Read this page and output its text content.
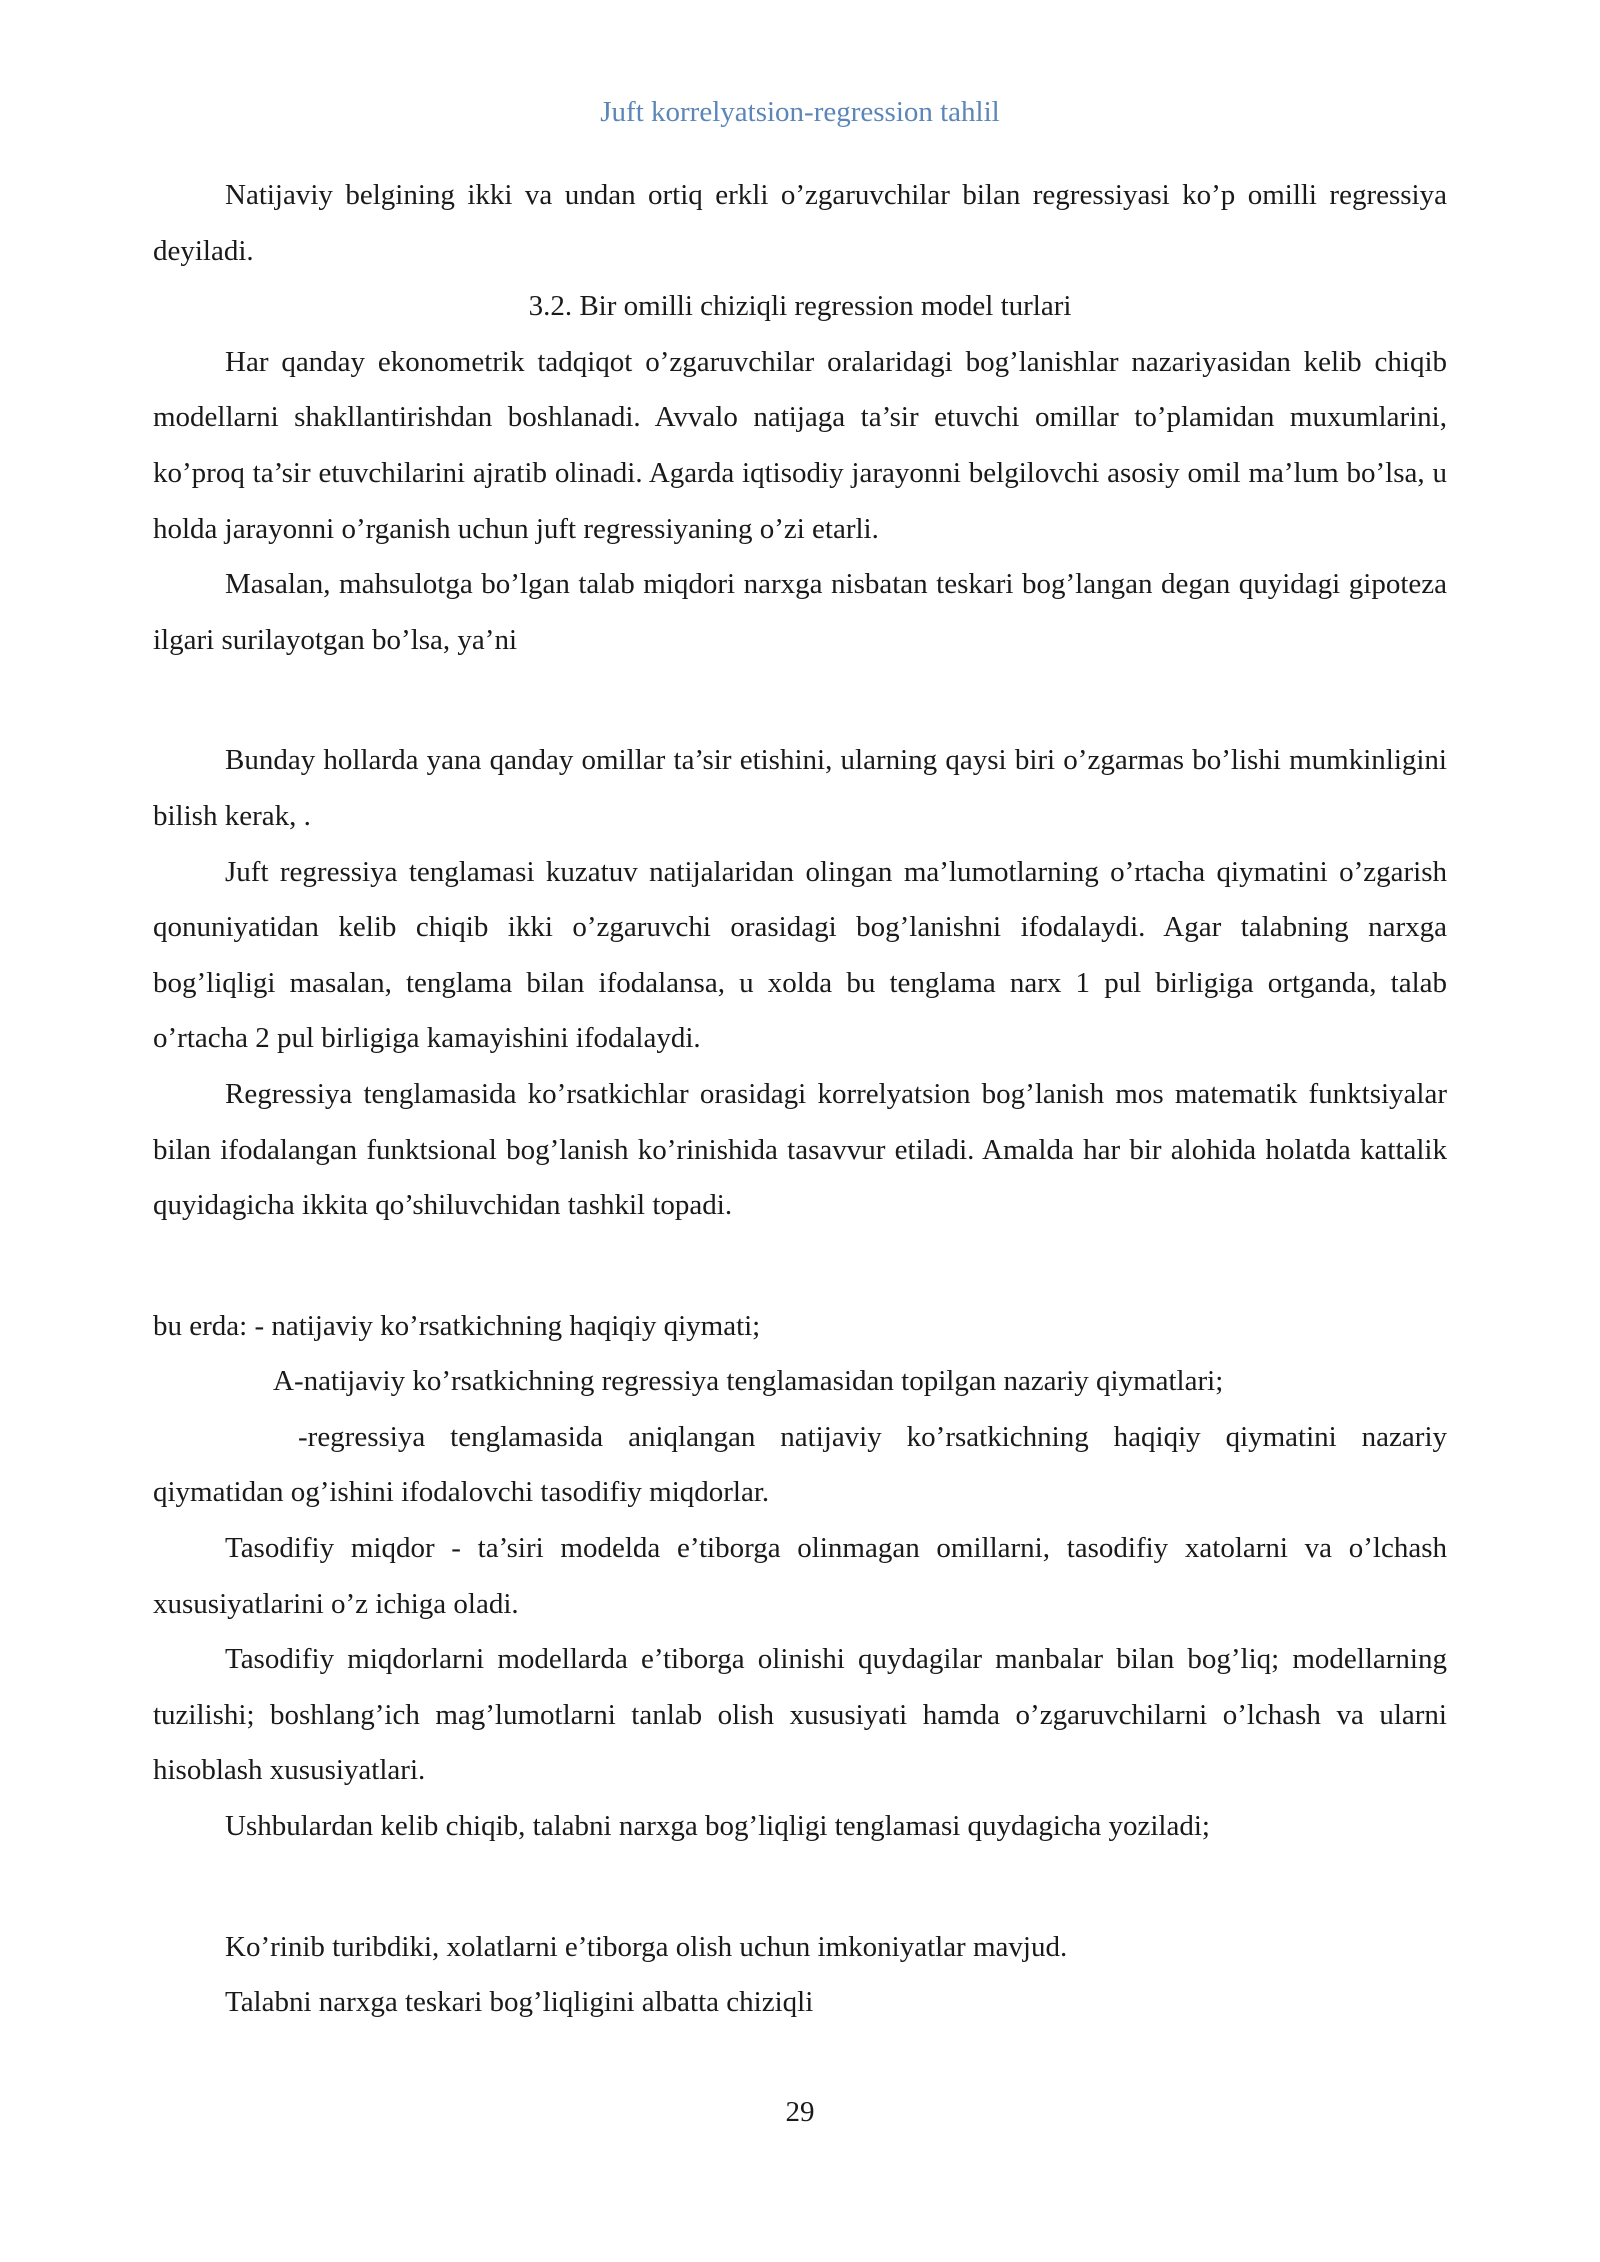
Juft korrelyatsion-regression tahlil

Natijaviy belgining ikki va undan ortiq erkli o’zgaruvchilar bilan regressiyasi ko’p omilli regressiya deyiladi.

3.2. Bir omilli chiziqli regression model turlari

Har qanday ekonometrik tadqiqot o’zgaruvchilar oralaridagi bog’lanishlar nazariyasidan kelib chiqib modellarni shakllantirishdan boshlanadi. Avvalo natijaga ta’sir etuvchi omillar to’plamidan muxumlarini, ko’proq ta’sir etuvchilarini ajratib olinadi. Agarda iqtisodiy jarayonni belgilovchi asosiy omil ma’lum bo’lsa, u holda jarayonni o’rganish uchun juft regressiyaning o’zi etarli.

Masalan, mahsulotga bo’lgan talab miqdori narxga nisbatan teskari bog’langan degan quyidagi gipoteza ilgari surilayotgan bo’lsa, ya’ni

Bunday hollarda yana qanday omillar ta’sir etishini, ularning qaysi biri o’zgarmas bo’lishi mumkinligini bilish kerak, .

Juft regressiya tenglamasi kuzatuv natijalaridan olingan ma’lumotlarning o’rtacha qiymatini o’zgarish qonuniyatidan kelib chiqib ikki o’zgaruvchi orasidagi bog’lanishni ifodalaydi. Agar talabning narxga bog’liqligi masalan, tenglama bilan ifodalansa, u xolda bu tenglama narx 1 pul birligiga ortganda, talab o’rtacha 2 pul birligiga kamayishini ifodalaydi.

Regressiya tenglamasida ko’rsatkichlar orasidagi korrelyatsion bog’lanish mos matematik funktsiyalar bilan ifodalangan funktsional bog’lanish ko’rinishida tasavvur etiladi. Amalda har bir alohida holatda kattalik quyidagicha ikkita qo’shiluvchidan tashkil topadi.

bu erda: - natijaviy ko’rsatkichning haqiqiy qiymati;

A-natijaviy ko’rsatkichning regressiya tenglamasidan topilgan nazariy qiymatlari;

-regressiya tenglamasida aniqlangan natijaviy ko’rsatkichning haqiqiy qiymatini nazariy qiymatidan og’ishini ifodalovchi tasodifiy miqdorlar.

Tasodifiy miqdor - ta’siri modelda e’tiborga olinmagan omillarni, tasodifiy xatolarni va o’lchash xususiyatlarini o’z ichiga oladi.

Tasodifiy miqdorlarni modellarda e’tiborga olinishi quydagilar manbalar bilan bog’liq; modellarning tuzilishi; boshlang’ich mag’lumotlarni tanlab olish xususiyati hamda o’zgaruvchilarni o’lchash va ularni hisoblash xususiyatlari.

Ushbulardan kelib chiqib, talabni narxga bog’liqligi tenglamasi quydagicha yoziladi;

Ko’rinib turibdiki, xolatlarni e’tiborga olish uchun imkoniyatlar mavjud.

Talabni narxga teskari bog’liqligini albatta chiziqli

29
